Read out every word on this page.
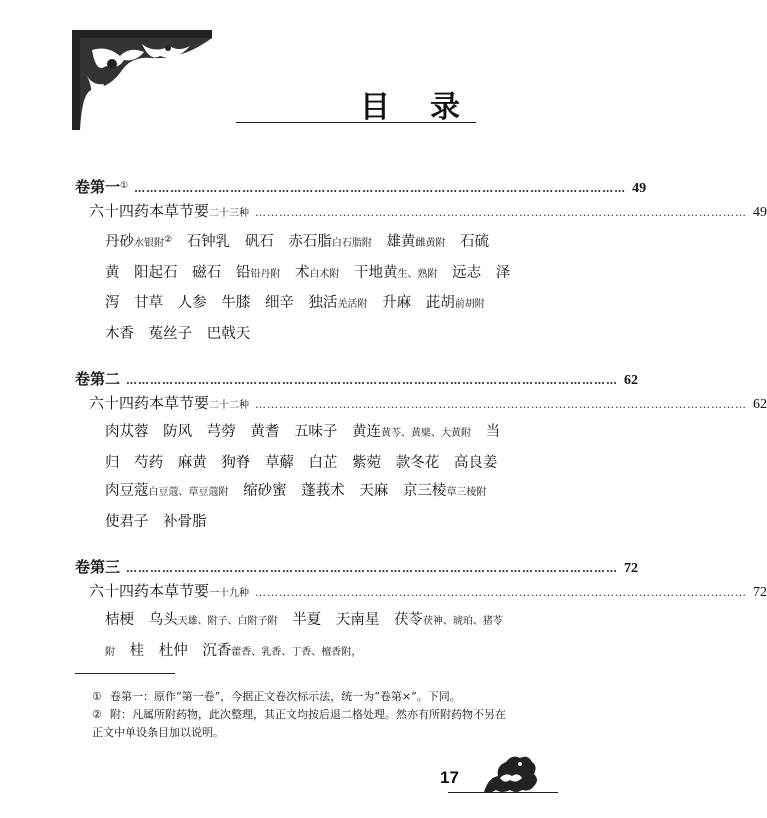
目录
卷第一① …………………………………………………………………………………………………………… 49
六十四药本草节要二十三种 …………………………………………………………………………………………………………… 49
丹砂水银附② 石钟乳 矾石 赤石脂白石脂附 雄黄雌黄附 石硫黄 阳起石 磁石 铅铅丹附 术白术附 干地黄生、熟附 远志 泽泻 甘草 人参 牛膝 细辛 独活羌活附 升麻 茈胡前胡附 木香 菟丝子 巴戟天
卷第二 …………………………………………………………………………………………………………… 62
六十四药本草节要二十二种 …………………………………………………………………………………………………………… 62
肉苁蓉 防风 芎䓖 黄耆 五味子 黄连黄芩、黄檗、大黄附 当归 芍药 麻黄 狗脊 草薢 白芷 紫菀 款冬花 高良姜 肉豆蔻白豆蔻、草豆蔻附 缩砂蜜 蓬莪术 天麻 京三棱草三棱附 使君子 补骨脂
卷第三 …………………………………………………………………………………………………………… 72
六十四药本草节要一十九种 …………………………………………………………………………………………………………… 72
桔梗 乌头天雄、附子、白附子附 半夏 天南星 茯苓茯神、琥珀、猪苓附 桂 杜仲 沉香藿香、乳香、丁香、檀香附，

① 卷第一：原作“第一卷”，今据正文卷次标示法，统一为“卷第×”。下同。

② 附：凡属所附药物，此次整理，其正文均按后退二格处理。然亦有所附药物不另在正文中单设条目加以说明。

17
